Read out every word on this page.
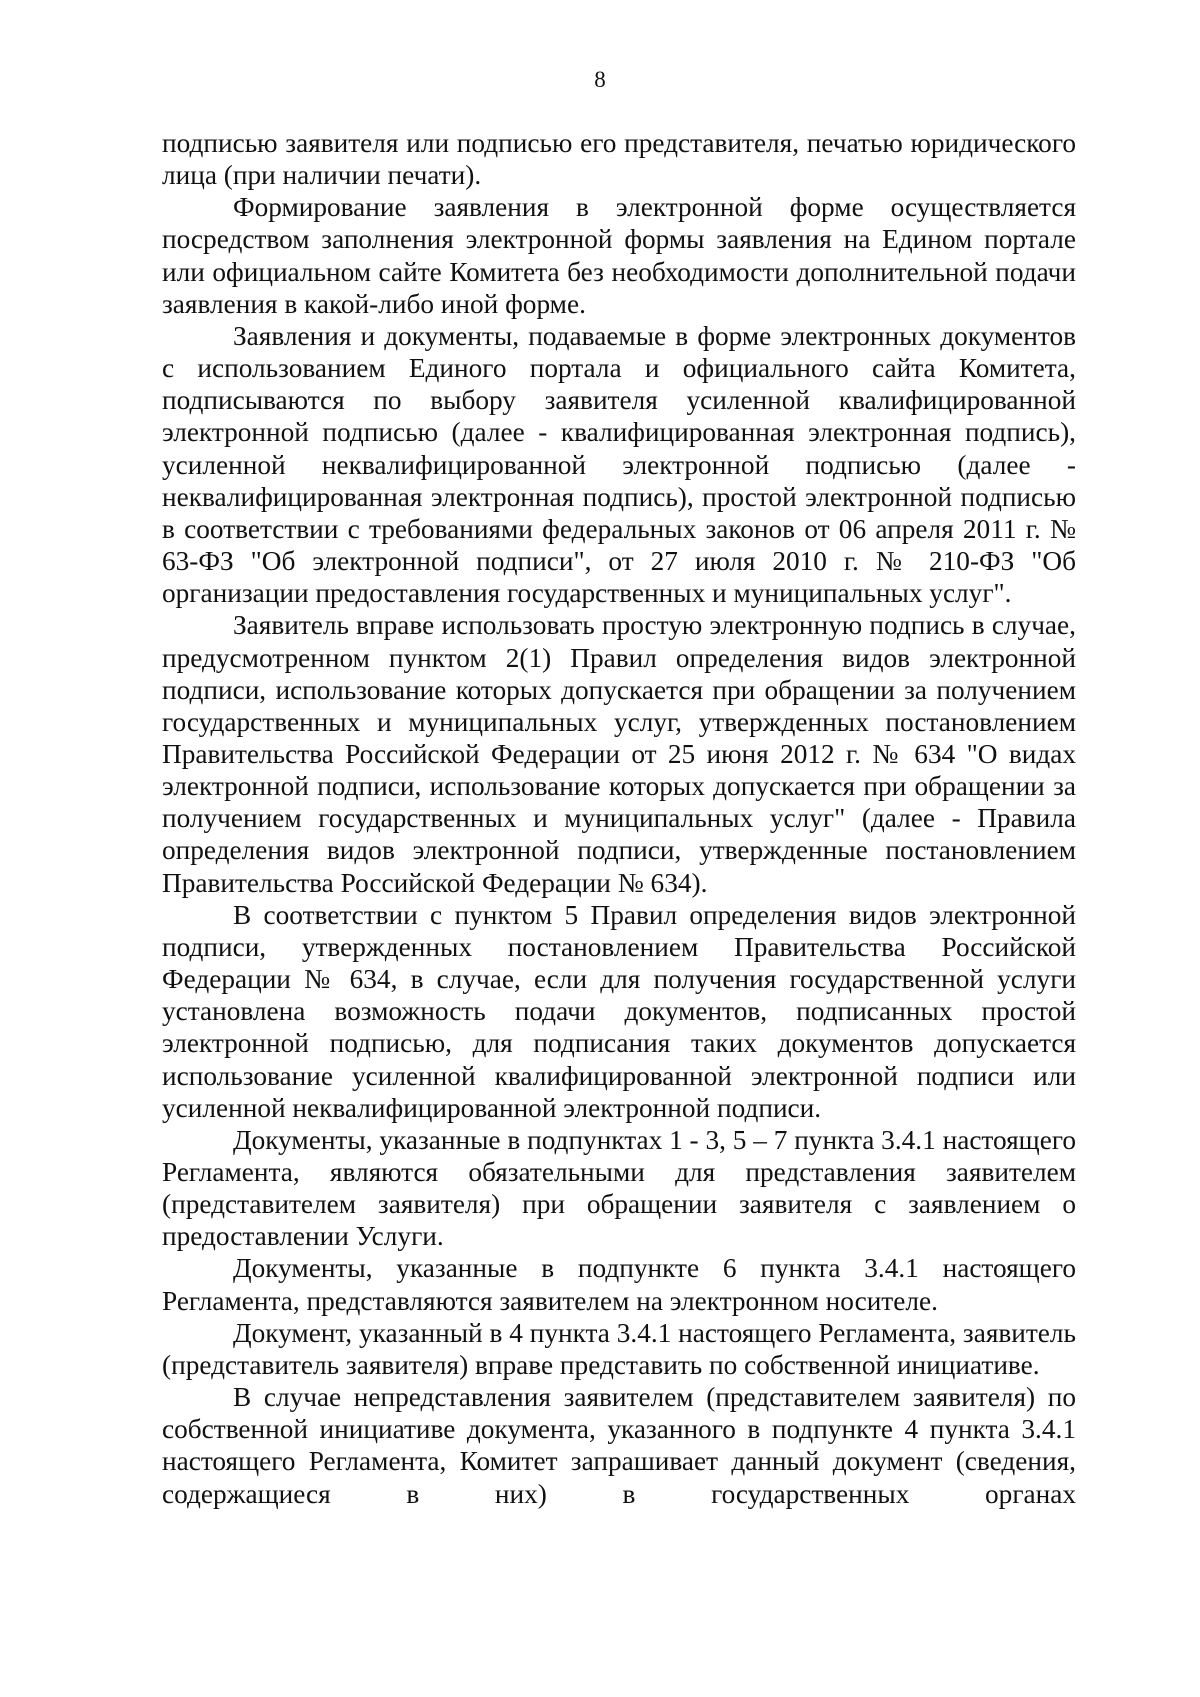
8

подписью заявителя или подписью его представителя, печатью юридического лица (при наличии печати).

Формирование заявления в электронной форме осуществляется посредством заполнения электронной формы заявления на Едином портале или официальном сайте Комитета без необходимости дополнительной подачи заявления в какой-либо иной форме.

Заявления и документы, подаваемые в форме электронных документов с использованием Единого портала и официального сайта Комитета, подписываются по выбору заявителя усиленной квалифицированной электронной подписью (далее - квалифицированная электронная подпись), усиленной неквалифицированной электронной подписью (далее - неквалифицированная электронная подпись), простой электронной подписью в соответствии с требованиями федеральных законов от 06 апреля 2011 г. № 63-ФЗ "Об электронной подписи", от 27 июля 2010 г. № 210-ФЗ "Об организации предоставления государственных и муниципальных услуг".

Заявитель вправе использовать простую электронную подпись в случае, предусмотренном пунктом 2(1) Правил определения видов электронной подписи, использование которых допускается при обращении за получением государственных и муниципальных услуг, утвержденных постановлением Правительства Российской Федерации от 25 июня 2012 г. № 634 "О видах электронной подписи, использование которых допускается при обращении за получением государственных и муниципальных услуг" (далее - Правила определения видов электронной подписи, утвержденные постановлением Правительства Российской Федерации № 634).

В соответствии с пунктом 5 Правил определения видов электронной подписи, утвержденных постановлением Правительства Российской Федерации № 634, в случае, если для получения государственной услуги установлена возможность подачи документов, подписанных простой электронной подписью, для подписания таких документов допускается использование усиленной квалифицированной электронной подписи или усиленной неквалифицированной электронной подписи.

Документы, указанные в подпунктах 1 - 3, 5 – 7 пункта 3.4.1 настоящего Регламента, являются обязательными для представления заявителем (представителем заявителя) при обращении заявителя с заявлением о предоставлении Услуги.

Документы, указанные в подпункте 6 пункта 3.4.1 настоящего Регламента, представляются заявителем на электронном носителе.

Документ, указанный в 4 пункта 3.4.1 настоящего Регламента, заявитель (представитель заявителя) вправе представить по собственной инициативе.

В случае непредставления заявителем (представителем заявителя) по собственной инициативе документа, указанного в подпункте 4 пункта 3.4.1 настоящего Регламента, Комитет запрашивает данный документ (сведения, содержащиеся в них) в государственных органах
